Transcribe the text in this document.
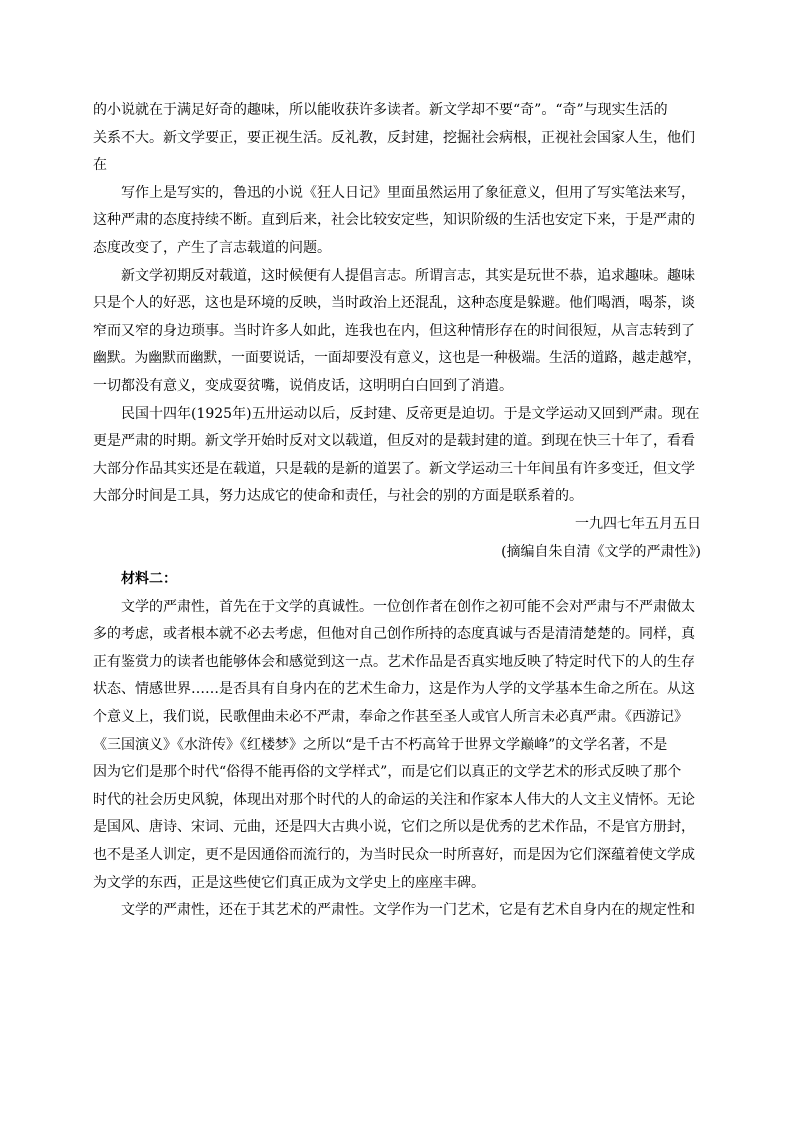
的小说就在于满足好奇的趣味，所以能收获许多读者。新文学却不要“奇”。“奇”与现实生活的
关系不大。新文学要正，要正视生活。反礼教，反封建，挖掘社会病根，正视社会国家人生，他们
在
写作上是写实的，鲁迅的小说《狂人日记》里面虽然运用了象征意义，但用了写实笔法来写，
这种严肃的态度持续不断。直到后来，社会比较安定些，知识阶级的生活也安定下来，于是严肃的
态度改变了，产生了言志载道的问题。
新文学初期反对载道，这时候便有人提倡言志。所谓言志，其实是玩世不恭，追求趣味。趣味
只是个人的好恶，这也是环境的反映，当时政治上还混乱，这种态度是躲避。他们喝酒，喝茶，谈
窄而又窄的身边琐事。当时许多人如此，连我也在内，但这种情形存在的时间很短，从言志转到了
幽默。为幽默而幽默，一面要说话，一面却要没有意义，这也是一种极端。生活的道路，越走越窄，
一切都没有意义，变成耍贫嘴，说俏皮话，这明明白白回到了消遣。
民国十四年(1925年)五卅运动以后，反封建、反帝更是迫切。于是文学运动又回到严肃。现在
更是严肃的时期。新文学开始时反对文以载道，但反对的是载封建的道。到现在快三十年了，看看
大部分作品其实还是在载道，只是载的是新的道罢了。新文学运动三十年间虽有许多变迁，但文学
大部分时间是工具，努力达成它的使命和责任，与社会的别的方面是联系着的。
一九四七年五月五日
(摘编自朱自清《文学的严肃性》)
材料二：
文学的严肃性，首先在于文学的真诚性。一位创作者在创作之初可能不会对严肃与不严肃做太
多的考虑，或者根本就不必去考虑，但他对自己创作所持的态度真诚与否是清清楚楚的。同样，真
正有鉴赏力的读者也能够体会和感觉到这一点。艺术作品是否真实地反映了特定时代下的人的生存
状态、情感世界……是否具有自身内在的艺术生命力，这是作为人学的文学基本生命之所在。从这
个意义上，我们说，民歌俚曲未必不严肃，奉命之作甚至圣人或官人所言未必真严肃。《西游记》
《三国演义》《水浒传》《红楼梦》之所以“是千古不朽高耸于世界文学巅峰”的文学名著，不是
因为它们是那个时代“俗得不能再俗的文学样式”，而是它们以真正的文学艺术的形式反映了那个
时代的社会历史风貌，体现出对那个时代的人的命运的关注和作家本人伟大的人文主义情怀。无论
是国风、唐诗、宋词、元曲，还是四大古典小说，它们之所以是优秀的艺术作品，不是官方册封，
也不是圣人训定，更不是因通俗而流行的，为当时民众一时所喜好，而是因为它们深蕴着使文学成
为文学的东西，正是这些使它们真正成为文学史上的座座丰碑。
文学的严肃性，还在于其艺术的严肃性。文学作为一门艺术，它是有艺术自身内在的规定性和
